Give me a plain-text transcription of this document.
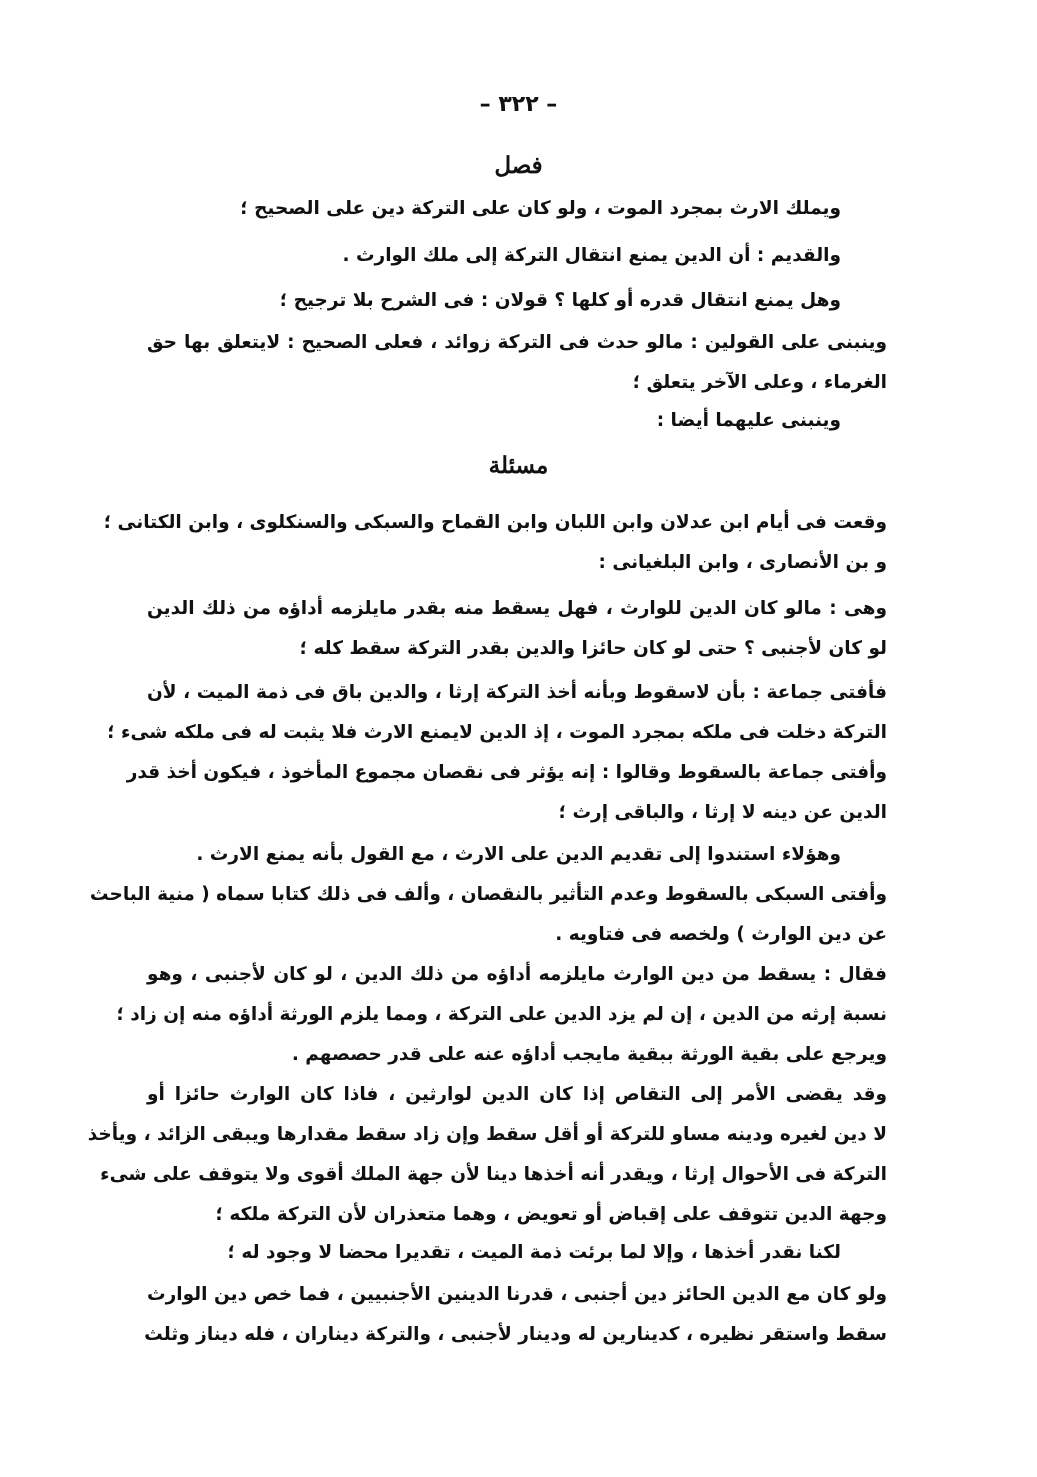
– ٣٢٢ –
فصل
ويملك الارث بمجرد الموت ، ولو كان على التركة دين على الصحيح ؛
والقديم : أن الدين يمنع انتقال التركة إلى ملك الوارث .
وهل يمنع انتقال قدره أو كلها ؟ قولان : فى الشرح بلا ترجيح ؛
وينبنى على القولين : مالو حدث فى التركة زوائد ، فعلى الصحيح : لايتعلق بها حق
الغرماء ، وعلى الآخر يتعلق ؛
وينبنى عليهما أيضا :
مسئلة
وقعت فى أيام ابن عدلان وابن اللبان وابن القماح والسبكى والسنكلوى ، وابن الكتانى ؛
و بن الأنصارى ، وابن البلغيانى :
وهى : مالو كان الدين للوارث ، فهل يسقط منه بقدر مايلزمه أداؤه من ذلك الدين
لو كان لأجنبى ؟ حتى لو كان حائزا والدين بقدر التركة سقط كله ؛
فأفتى جماعة : بأن لاسقوط وبأنه أخذ التركة إرثا ، والدين باق فى ذمة الميت ، لأن
التركة دخلت فى ملكه بمجرد الموت ، إذ الدين لايمنع الارث فلا يثبت له فى ملكه شىء ؛
وأفتى جماعة بالسقوط وقالوا : إنه يؤثر فى نقصان مجموع المأخوذ ، فيكون أخذ قدر
الدين عن دينه لا إرثا ، والباقى إرث ؛
وهؤلاء استندوا إلى تقديم الدين على الارث ، مع القول بأنه يمنع الارث .
وأفتى السبكى بالسقوط وعدم التأثير بالنقصان ، وألف فى ذلك كتابا سماه ( منية الباحث
عن دين الوارث ) ولخصه فى فتاويه .
فقال : يسقط من دين الوارث مايلزمه أداؤه من ذلك الدين ، لو كان لأجنبى ، وهو
نسبة إرثه من الدين ، إن لم يزد الدين على التركة ، ومما يلزم الورثة أداؤه منه إن زاد ؛
ويرجع على بقية الورثة ببقية مايجب أداؤه عنه على قدر حصصهم .
وقد يقضى الأمر إلى التقاص إذا كان الدين لوارثين ، فاذا كان الوارث حائزا أو
لا دين لغيره ودينه مساو للتركة أو أقل سقط وإن زاد سقط مقدارها ويبقى الزائد ، ويأخذ
التركة فى الأحوال إرثا ، ويقدر أنه أخذها دينا لأن جهة الملك أقوى ولا يتوقف على شىء
وجهة الدين تتوقف على إقباض أو تعويض ، وهما متعذران لأن التركة ملكه ؛
لكنا نقدر أخذها ، وإلا لما برئت ذمة الميت ، تقديرا محضا لا وجود له ؛
ولو كان مع الدين الحائز دين أجنبى ، قدرنا الدينين الأجنبيين ، فما خص دين الوارث
سقط واستقر نظيره ، كدينارين له ودينار لأجنبى ، والتركة ديناران ، فله ديناز وثلث
